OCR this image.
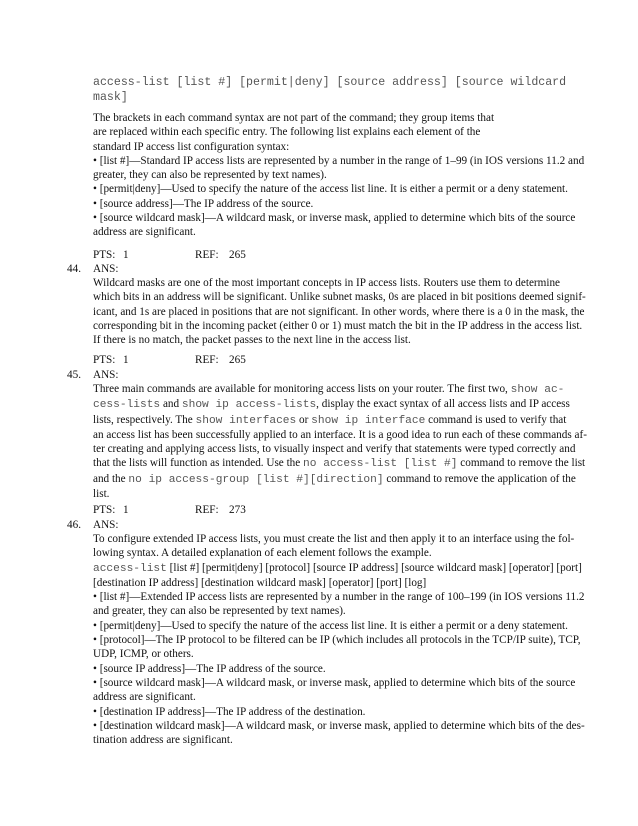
access-list [list #] [permit|deny] [source address] [source wildcard
mask]

The brackets in each command syntax are not part of the command; they group items that

are replaced within each specific entry. The following list explains each element of the

standard IP access list configuration syntax:

• [list #]—Standard IP access lists are represented by a number in the range of 1–99 (in IOS versions 11.2 and

greater, they can also be represented by text names).

• [permit|deny]—Used to specify the nature of the access list line. It is either a permit or a deny statement.

• [source address]—The IP address of the source.

• [source wildcard mask]—A wildcard mask, or inverse mask, applied to determine which bits of the source

address are significant.

PTS: 1	REF: 265
44. ANS:

Wildcard masks are one of the most important concepts in IP access lists. Routers use them to determine

which bits in an address will be significant. Unlike subnet masks, 0s are placed in bit positions deemed signif-

icant, and 1s are placed in positions that are not significant. In other words, where there is a 0 in the mask, the

corresponding bit in the incoming packet (either 0 or 1) must match the bit in the IP address in the access list.

If there is no match, the packet passes to the next line in the access list.

PTS: 1	REF: 265
45. ANS:

Three main commands are available for monitoring access lists on your router. The first two, show ac-

cess-lists and show ip access-lists, display the exact syntax of all access lists and IP access

lists, respectively. The show interfaces or show ip interface command is used to verify that

an access list has been successfully applied to an interface. It is a good idea to run each of these commands af-

ter creating and applying access lists, to visually inspect and verify that statements were typed correctly and

that the lists will function as intended. Use the no access-list [list #] command to remove the list

and the no ip access-group [list #][direction] command to remove the application of the

list.

PTS: 1	REF: 273
46. ANS:

To configure extended IP access lists, you must create the list and then apply it to an interface using the fol-

lowing syntax. A detailed explanation of each element follows the example.

access-list [list #] [permit|deny] [protocol] [source IP address] [source wildcard mask] [operator] [port]

[destination IP address] [destination wildcard mask] [operator] [port] [log]

• [list #]—Extended IP access lists are represented by a number in the range of 100–199 (in IOS versions 11.2

and greater, they can also be represented by text names).

• [permit|deny]—Used to specify the nature of the access list line. It is either a permit or a deny statement.

• [protocol]—The IP protocol to be filtered can be IP (which includes all protocols in the TCP/IP suite), TCP,

UDP, ICMP, or others.

• [source IP address]—The IP address of the source.

• [source wildcard mask]—A wildcard mask, or inverse mask, applied to determine which bits of the source

address are significant.

• [destination IP address]—The IP address of the destination.

• [destination wildcard mask]—A wildcard mask, or inverse mask, applied to determine which bits of the des-

tination address are significant.
